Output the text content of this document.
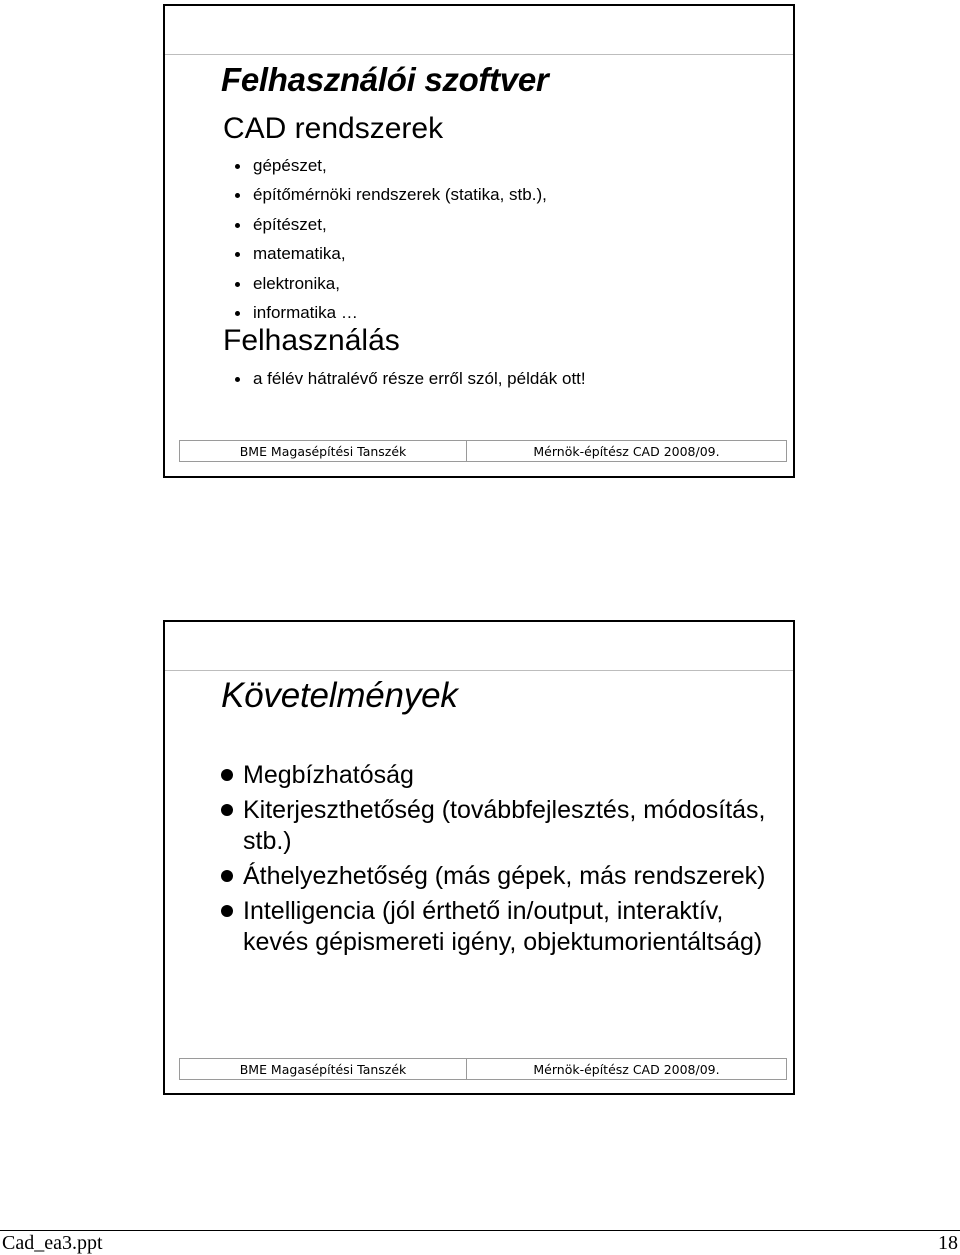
Felhasználói szoftver
CAD rendszerek
gépészet,
építőmérnöki rendszerek (statika, stb.),
építészet,
matematika,
elektronika,
informatika …
Felhasználás
a félév hátralévő része erről szól, példák ott!
BME Magasépítési Tanszék	Mérnök-építész CAD 2008/09.
Követelmények
Megbízhatóság
Kiterjeszthetőség (továbbfejlesztés, módosítás, stb.)
Áthelyezhetőség (más gépek, más rendszerek)
Intelligencia (jól érthető in/output, interaktív, kevés gépismereti igény, objektumorientáltság)
BME Magasépítési Tanszék	Mérnök-építész CAD 2008/09.
Cad_ea3.ppt	18
